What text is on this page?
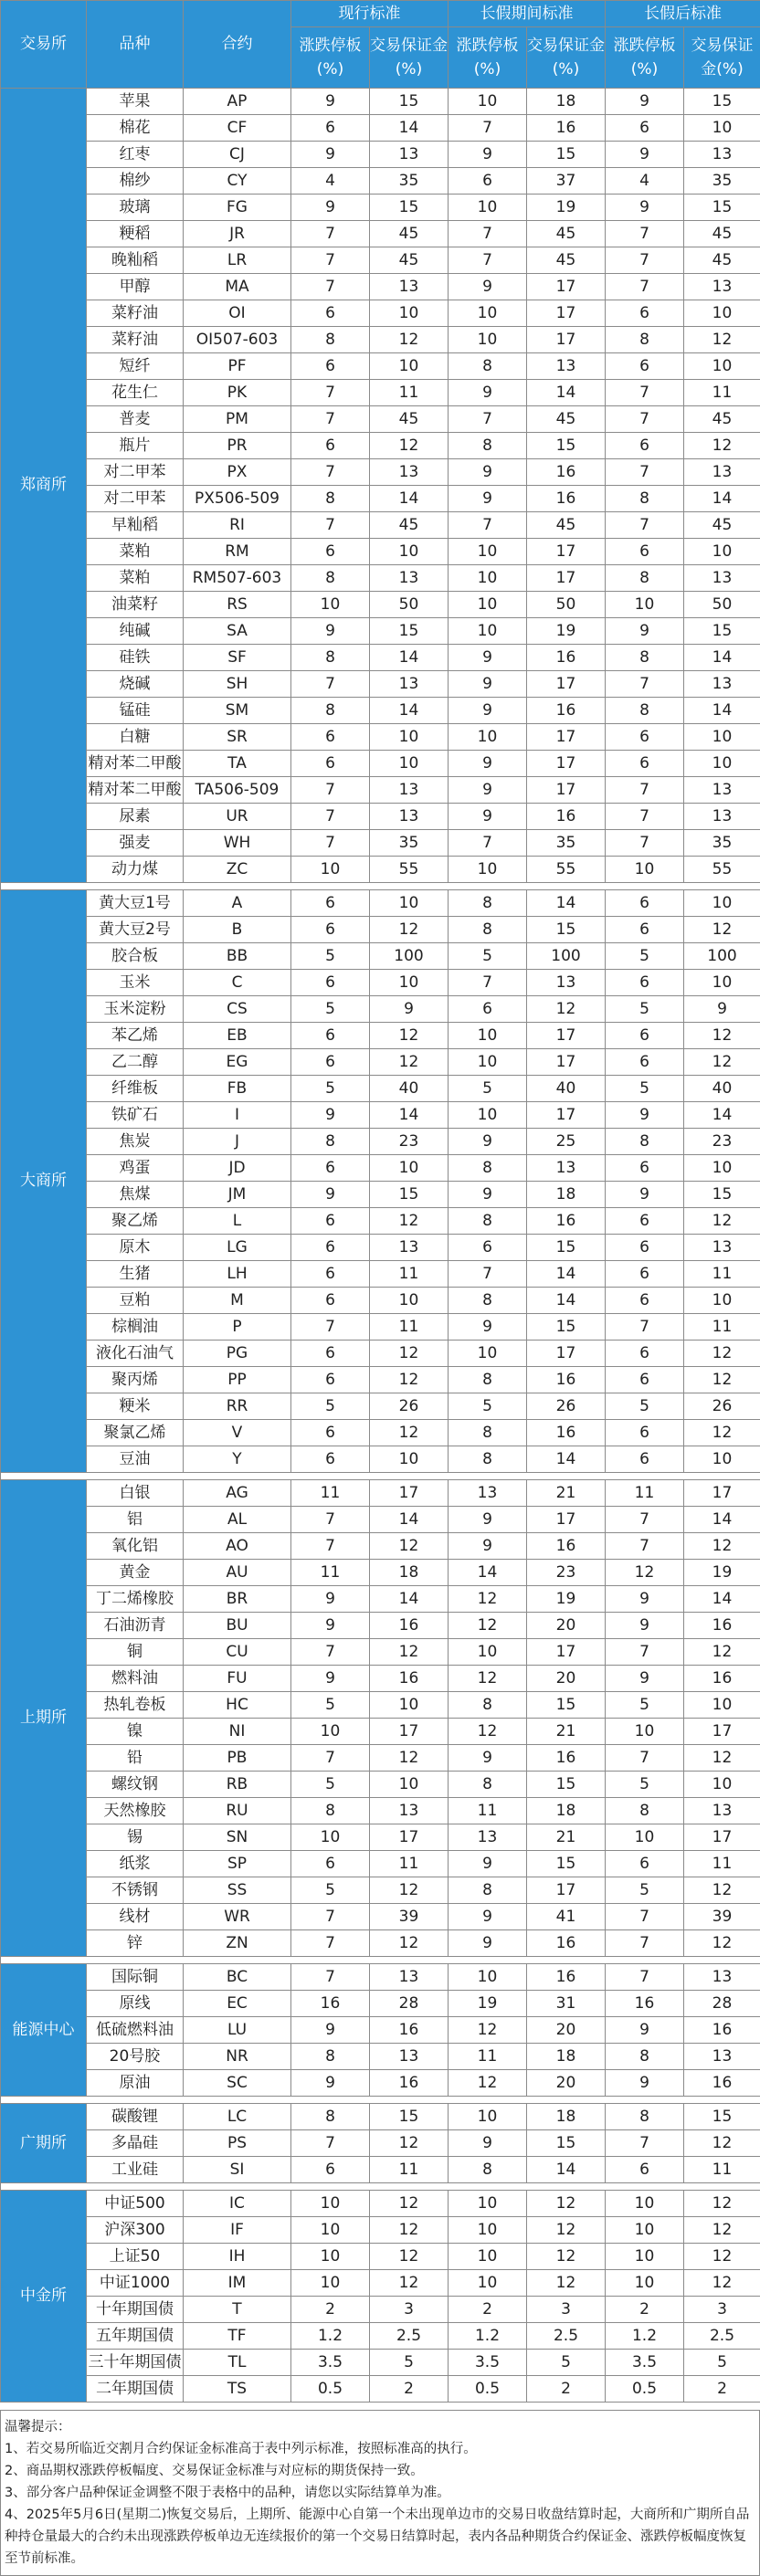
交易所	品种	合约	现行标准		长假期间标准		长假后标准	
			涨跌停板(%)	交易保证金(%)	涨跌停板(%)	交易保证金(%)	涨跌停板(%)	交易保证金(%)
郑商所	苹果	AP	9	15	10	18	9	15
	棉花	CF	6	14	7	16	6	10
	红枣	CJ	9	13	9	15	9	13
	棉纱	CY	4	35	6	37	4	35
	玻璃	FG	9	15	10	19	9	15
	粳稻	JR	7	45	7	45	7	45
	晚籼稻	LR	7	45	7	45	7	45
	甲醇	MA	7	13	9	17	7	13
	菜籽油	OI	6	10	10	17	6	10
	菜籽油	OI507-603	8	12	10	17	8	12
	短纤	PF	6	10	8	13	6	10
	花生仁	PK	7	11	9	14	7	11
	普麦	PM	7	45	7	45	7	45
	瓶片	PR	6	12	8	15	6	12
	对二甲苯	PX	7	13	9	16	7	13
	对二甲苯	PX506-509	8	14	9	16	8	14
	早籼稻	RI	7	45	7	45	7	45
	菜粕	RM	6	10	10	17	6	10
	菜粕	RM507-603	8	13	10	17	8	13
	油菜籽	RS	10	50	10	50	10	50
	纯碱	SA	9	15	10	19	9	15
	硅铁	SF	8	14	9	16	8	14
	烧碱	SH	7	13	9	17	7	13
	锰硅	SM	8	14	9	16	8	14
	白糖	SR	6	10	10	17	6	10
	精对苯二甲酸	TA	6	10	9	17	6	10
	精对苯二甲酸	TA506-509	7	13	9	17	7	13
	尿素	UR	7	13	9	16	7	13
	强麦	WH	7	35	7	35	7	35
	动力煤	ZC	10	55	10	55	10	55

大商所	黄大豆1号	A	6	10	8	14	6	10
	黄大豆2号	B	6	12	8	15	6	12
	胶合板	BB	5	100	5	100	5	100
	玉米	C	6	10	7	13	6	10
	玉米淀粉	CS	5	9	6	12	5	9
	苯乙烯	EB	6	12	10	17	6	12
	乙二醇	EG	6	12	10	17	6	12
	纤维板	FB	5	40	5	40	5	40
	铁矿石	I	9	14	10	17	9	14
	焦炭	J	8	23	9	25	8	23
	鸡蛋	JD	6	10	8	13	6	10
	焦煤	JM	9	15	9	18	9	15
	聚乙烯	L	6	12	8	16	6	12
	原木	LG	6	13	6	15	6	13
	生猪	LH	6	11	7	14	6	11
	豆粕	M	6	10	8	14	6	10
	棕榈油	P	7	11	9	15	7	11
	液化石油气	PG	6	12	10	17	6	12
	聚丙烯	PP	6	12	8	16	6	12
	粳米	RR	5	26	5	26	5	26
	聚氯乙烯	V	6	12	8	16	6	12
	豆油	Y	6	10	8	14	6	10

上期所	白银	AG	11	17	13	21	11	17
	铝	AL	7	14	9	17	7	14
	氧化铝	AO	7	12	9	16	7	12
	黄金	AU	11	18	14	23	12	19
	丁二烯橡胶	BR	9	14	12	19	9	14
	石油沥青	BU	9	16	12	20	9	16
	铜	CU	7	12	10	17	7	12
	燃料油	FU	9	16	12	20	9	16
	热轧卷板	HC	5	10	8	15	5	10
	镍	NI	10	17	12	21	10	17
	铅	PB	7	12	9	16	7	12
	螺纹钢	RB	5	10	8	15	5	10
	天然橡胶	RU	8	13	11	18	8	13
	锡	SN	10	17	13	21	10	17
	纸浆	SP	6	11	9	15	6	11
	不锈钢	SS	5	12	8	17	5	12
	线材	WR	7	39	9	41	7	39
	锌	ZN	7	12	9	16	7	12

能源中心	国际铜	BC	7	13	10	16	7	13
	原线	EC	16	28	19	31	16	28
	低硫燃料油	LU	9	16	12	20	9	16
	20号胶	NR	8	13	11	18	8	13
	原油	SC	9	16	12	20	9	16

广期所	碳酸锂	LC	8	15	10	18	8	15
	多晶硅	PS	7	12	9	15	7	12
	工业硅	SI	6	11	8	14	6	11

中金所	中证500	IC	10	12	10	12	10	12
	沪深300	IF	10	12	10	12	10	12
	上证50	IH	10	12	10	12	10	12
	中证1000	IM	10	12	10	12	10	12
	十年期国债	T	2	3	2	3	2	3
	五年期国债	TF	1.2	2.5	1.2	2.5	1.2	2.5
	三十年期国债	TL	3.5	5	3.5	5	3.5	5
	二年期国债	TS	0.5	2	0.5	2	0.5	2
温馨提示：
1、若交易所临近交割月合约保证金标准高于表中列示标准，按照标准高的执行。
2、商品期权涨跌停板幅度、交易保证金标准与对应标的期货保持一致。
3、部分客户品种保证金调整不限于表格中的品种，请您以实际结算单为准。
4、2025年5月6日(星期二)恢复交易后，上期所、能源中心自第一个未出现单边市的交易日收盘结算时起，大商所和广期所自品种持仓量最大的合约未出现涨跌停板单边无连续报价的第一个交易日结算时起，表内各品种期货合约保证金、涨跌停板幅度恢复至节前标准。
